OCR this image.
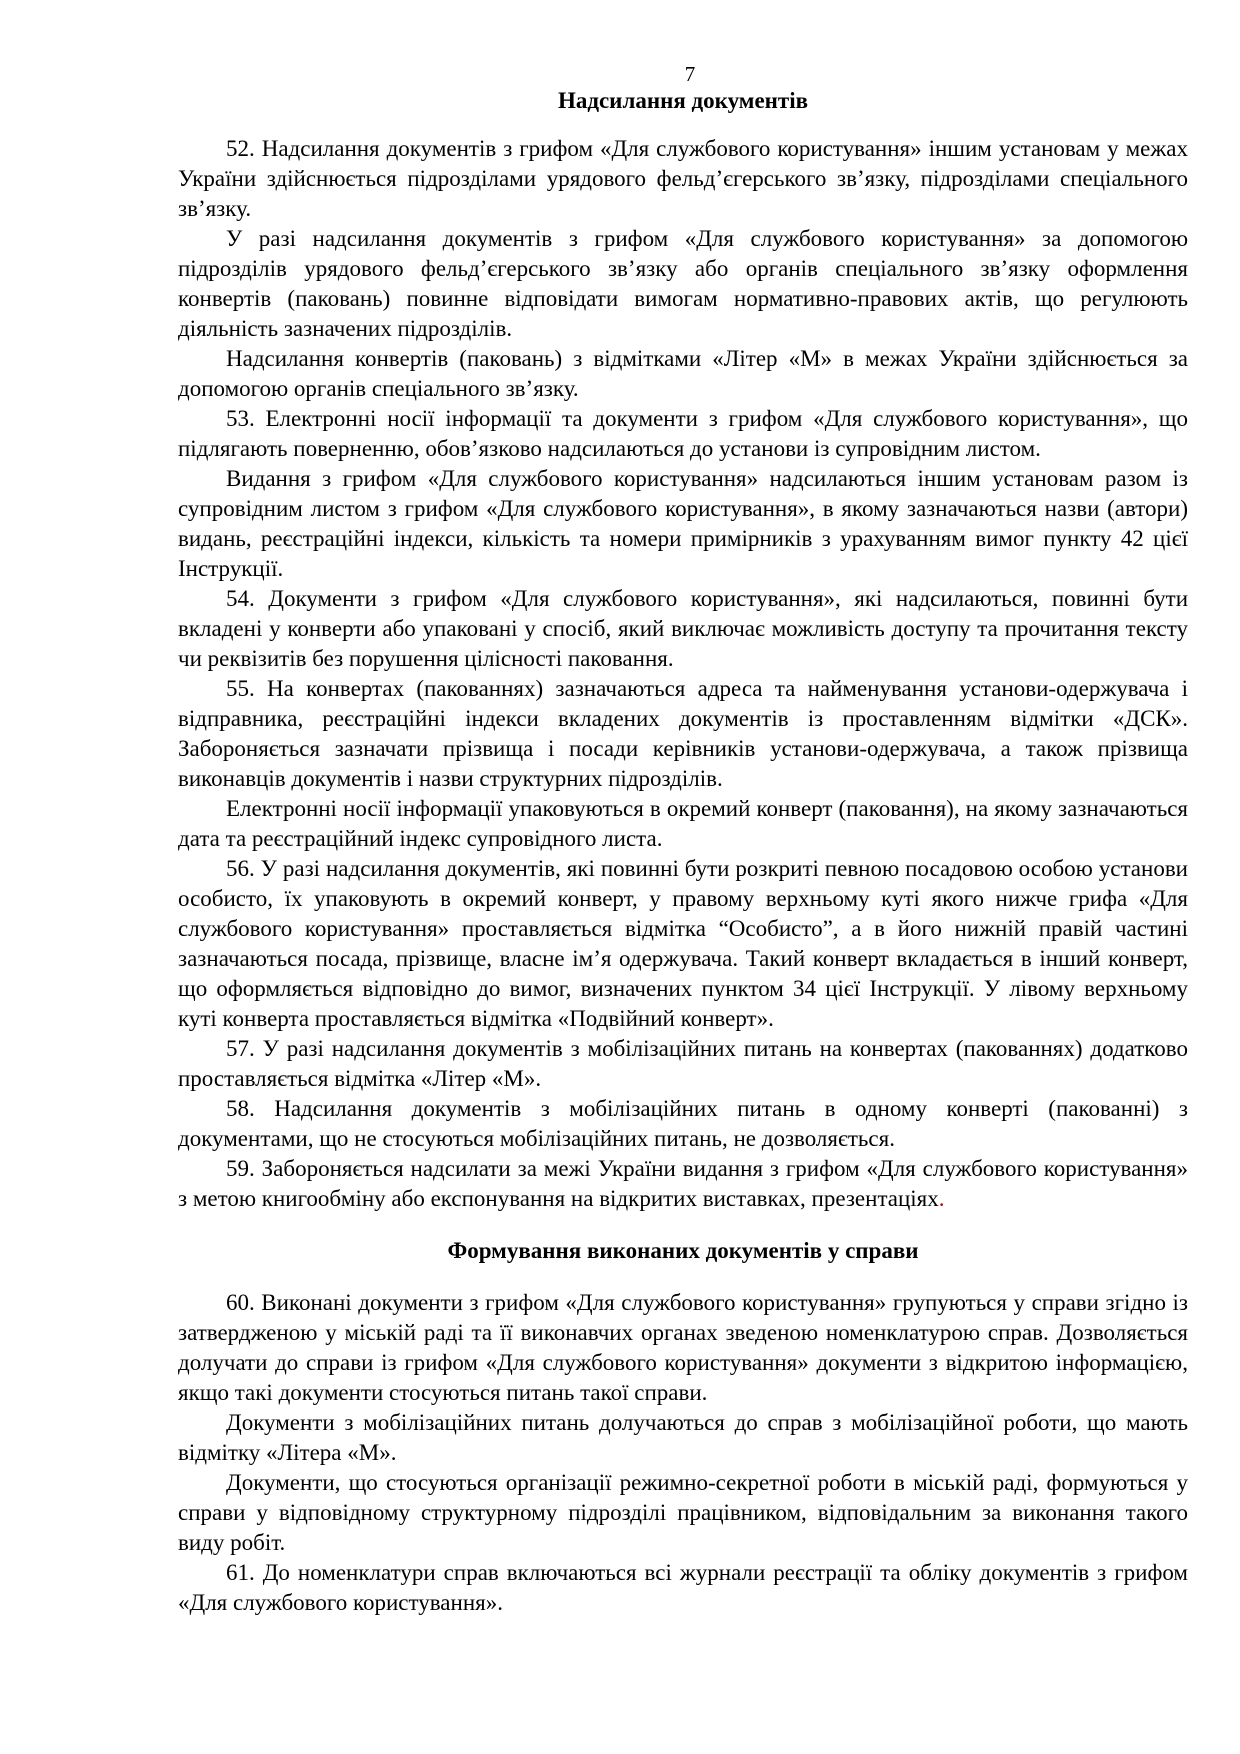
7
Надсилання документів

52. Надсилання документів з грифом «Для службового користування» іншим установам у межах України здійснюється підрозділами урядового фельд’єгерського зв’язку, підрозділами спеціального зв’язку.

У разі надсилання документів з грифом «Для службового користування» за допомогою підрозділів урядового фельд’єгерського зв’язку або органів спеціального зв’язку оформлення конвертів (паковань) повинне відповідати вимогам нормативно-правових актів, що регулюють діяльність зазначених підрозділів.

Надсилання конвертів (паковань) з відмітками «Літер «М» в межах України здійснюється за допомогою органів спеціального зв’язку.

53. Електронні носії інформації та документи з грифом «Для службового користування», що підлягають поверненню, обов’язково надсилаються до установи із супровідним листом.

Видання з грифом «Для службового користування» надсилаються іншим установам разом із супровідним листом з грифом «Для службового користування», в якому зазначаються назви (автори) видань, реєстраційні індекси, кількість та номери примірників з урахуванням вимог пункту 42 цієї Інструкції.

54. Документи з грифом «Для службового користування», які надсилаються, повинні бути вкладені у конверти або упаковані у спосіб, який виключає можливість доступу та прочитання тексту чи реквізитів без порушення цілісності паковання.

55. На конвертах (пакованнях) зазначаються адреса та найменування установи-одержувача і відправника, реєстраційні індекси вкладених документів із проставленням відмітки «ДСК». Забороняється зазначати прізвища і посади керівників установи-одержувача, а також прізвища виконавців документів і назви структурних підрозділів.

Електронні носії інформації упаковуються в окремий конверт (паковання), на якому зазначаються дата та реєстраційний індекс супровідного листа.

56. У разі надсилання документів, які повинні бути розкриті певною посадовою особою установи особисто, їх упаковують в окремий конверт, у правому верхньому куті якого нижче грифа «Для службового користування» проставляється відмітка “Особисто”, а в його нижній правій частині зазначаються посада, прізвище, власне ім’я одержувача. Такий конверт вкладається в інший конверт, що оформляється відповідно до вимог, визначених пунктом 34 цієї Інструкції. У лівому верхньому куті конверта проставляється відмітка «Подвійний конверт».

57. У разі надсилання документів з мобілізаційних питань на конвертах (пакованнях) додатково проставляється відмітка «Літер «М».

58. Надсилання документів з мобілізаційних питань в одному конверті (пакованні) з документами, що не стосуються мобілізаційних питань, не дозволяється.

59. Забороняється надсилати за межі України видання з грифом «Для службового користування» з метою книгообміну або експонування на відкритих виставках, презентаціях.

Формування виконаних документів у справи

60. Виконані документи з грифом «Для службового користування» групуються у справи згідно із затвердженою у міській раді та її виконавчих органах зведеною номенклатурою справ. Дозволяється долучати до справи із грифом «Для службового користування» документи з відкритою інформацією, якщо такі документи стосуються питань такої справи.

Документи з мобілізаційних питань долучаються до справ з мобілізаційної роботи, що мають відмітку «Літера «М».

Документи, що стосуються організації режимно-секретної роботи в міській раді, формуються у справи у відповідному структурному підрозділі працівником, відповідальним за виконання такого виду робіт.

61. До номенклатури справ включаються всі журнали реєстрації та обліку документів з грифом «Для службового користування».
